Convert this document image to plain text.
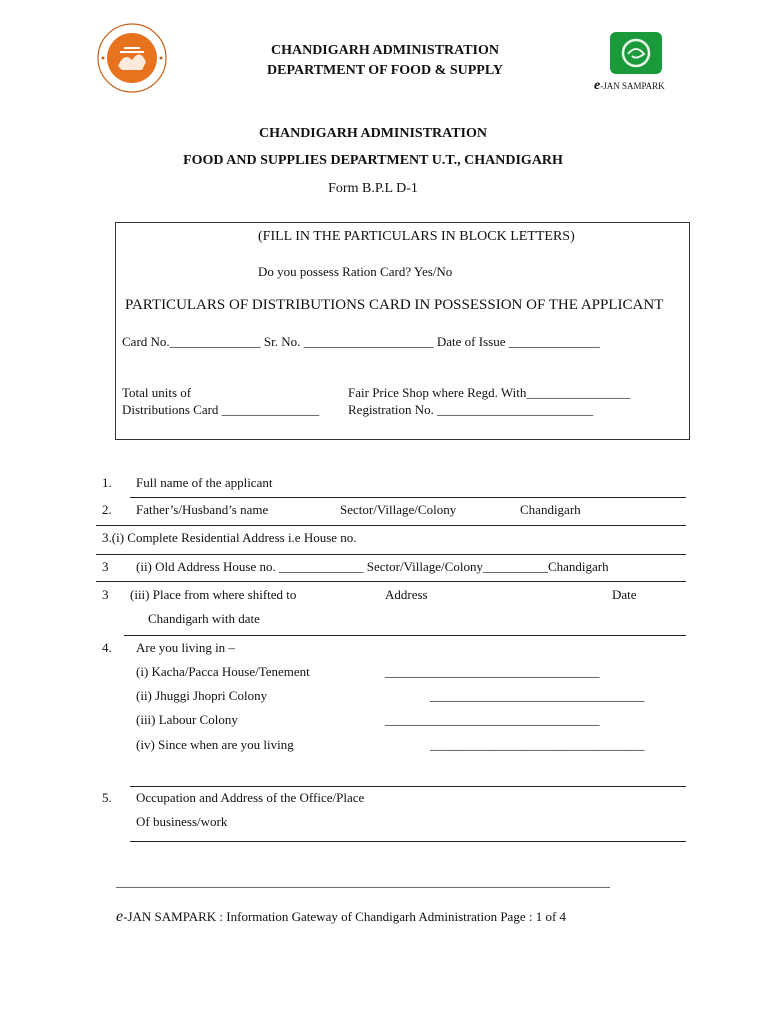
CHANDIGARH ADMINISTRATION
DEPARTMENT OF FOOD & SUPPLY
e-JAN SAMPARK
CHANDIGARH ADMINISTRATION
FOOD AND SUPPLIES DEPARTMENT U.T., CHANDIGARH
Form B.P.L D-1
(FILL IN THE PARTICULARS IN BLOCK LETTERS)
Do you possess Ration Card? Yes/No
PARTICULARS OF DISTRIBUTIONS CARD IN POSSESSION OF THE APPLICANT
Card No.______________ Sr. No. ____________________ Date of Issue ______________
Total units of
Distributions Card _______________
Fair Price Shop where Regd. With________________
Registration No. ________________________
1. Full name of the applicant
2. Father’s/Husband’s name	Sector/Village/Colony	Chandigarh
3.(i) Complete Residential Address i.e House no.
3 (ii) Old Address House no. _____________ Sector/Village/Colony__________Chandigarh
3 (iii) Place from where shifted to	Address	Date
Chandigarh with date
4. Are you living in –
(i) Kacha/Pacca House/Tenement	_________________________________
(ii) Jhuggi Jhopri Colony	_________________________________
(iii) Labour Colony	_________________________________
(iv) Since when are you living	_________________________________
5. Occupation and Address of the Office/Place
Of business/work
____________________________________________________________________________
e-JAN SAMPARK : Information Gateway of Chandigarh Administration Page : 1 of 4
